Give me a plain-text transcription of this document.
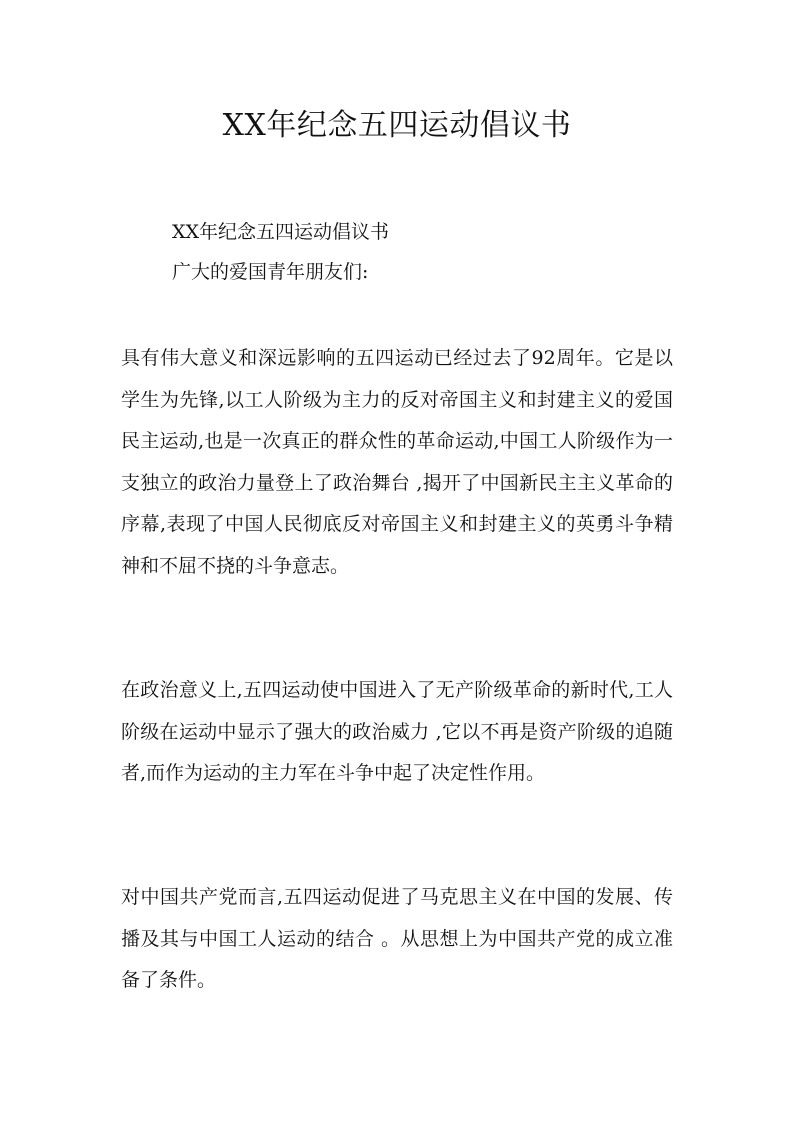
XX年纪念五四运动倡议书
XX年纪念五四运动倡议书
广大的爱国青年朋友们:
具有伟大意义和深远影响的五四运动已经过去了92周年。它是以学生为先锋,以工人阶级为主力的反对帝国主义和封建主义的爱国民主运动,也是一次真正的群众性的革命运动,中国工人阶级作为一支独立的政治力量登上了政治舞台 ,揭开了中国新民主主义革命的序幕,表现了中国人民彻底反对帝国主义和封建主义的英勇斗争精神和不屈不挠的斗争意志。
在政治意义上,五四运动使中国进入了无产阶级革命的新时代,工人阶级在运动中显示了强大的政治威力 ,它以不再是资产阶级的追随者,而作为运动的主力军在斗争中起了决定性作用。
对中国共产党而言,五四运动促进了马克思主义在中国的发展、传播及其与中国工人运动的结合 。从思想上为中国共产党的成立准备了条件。
